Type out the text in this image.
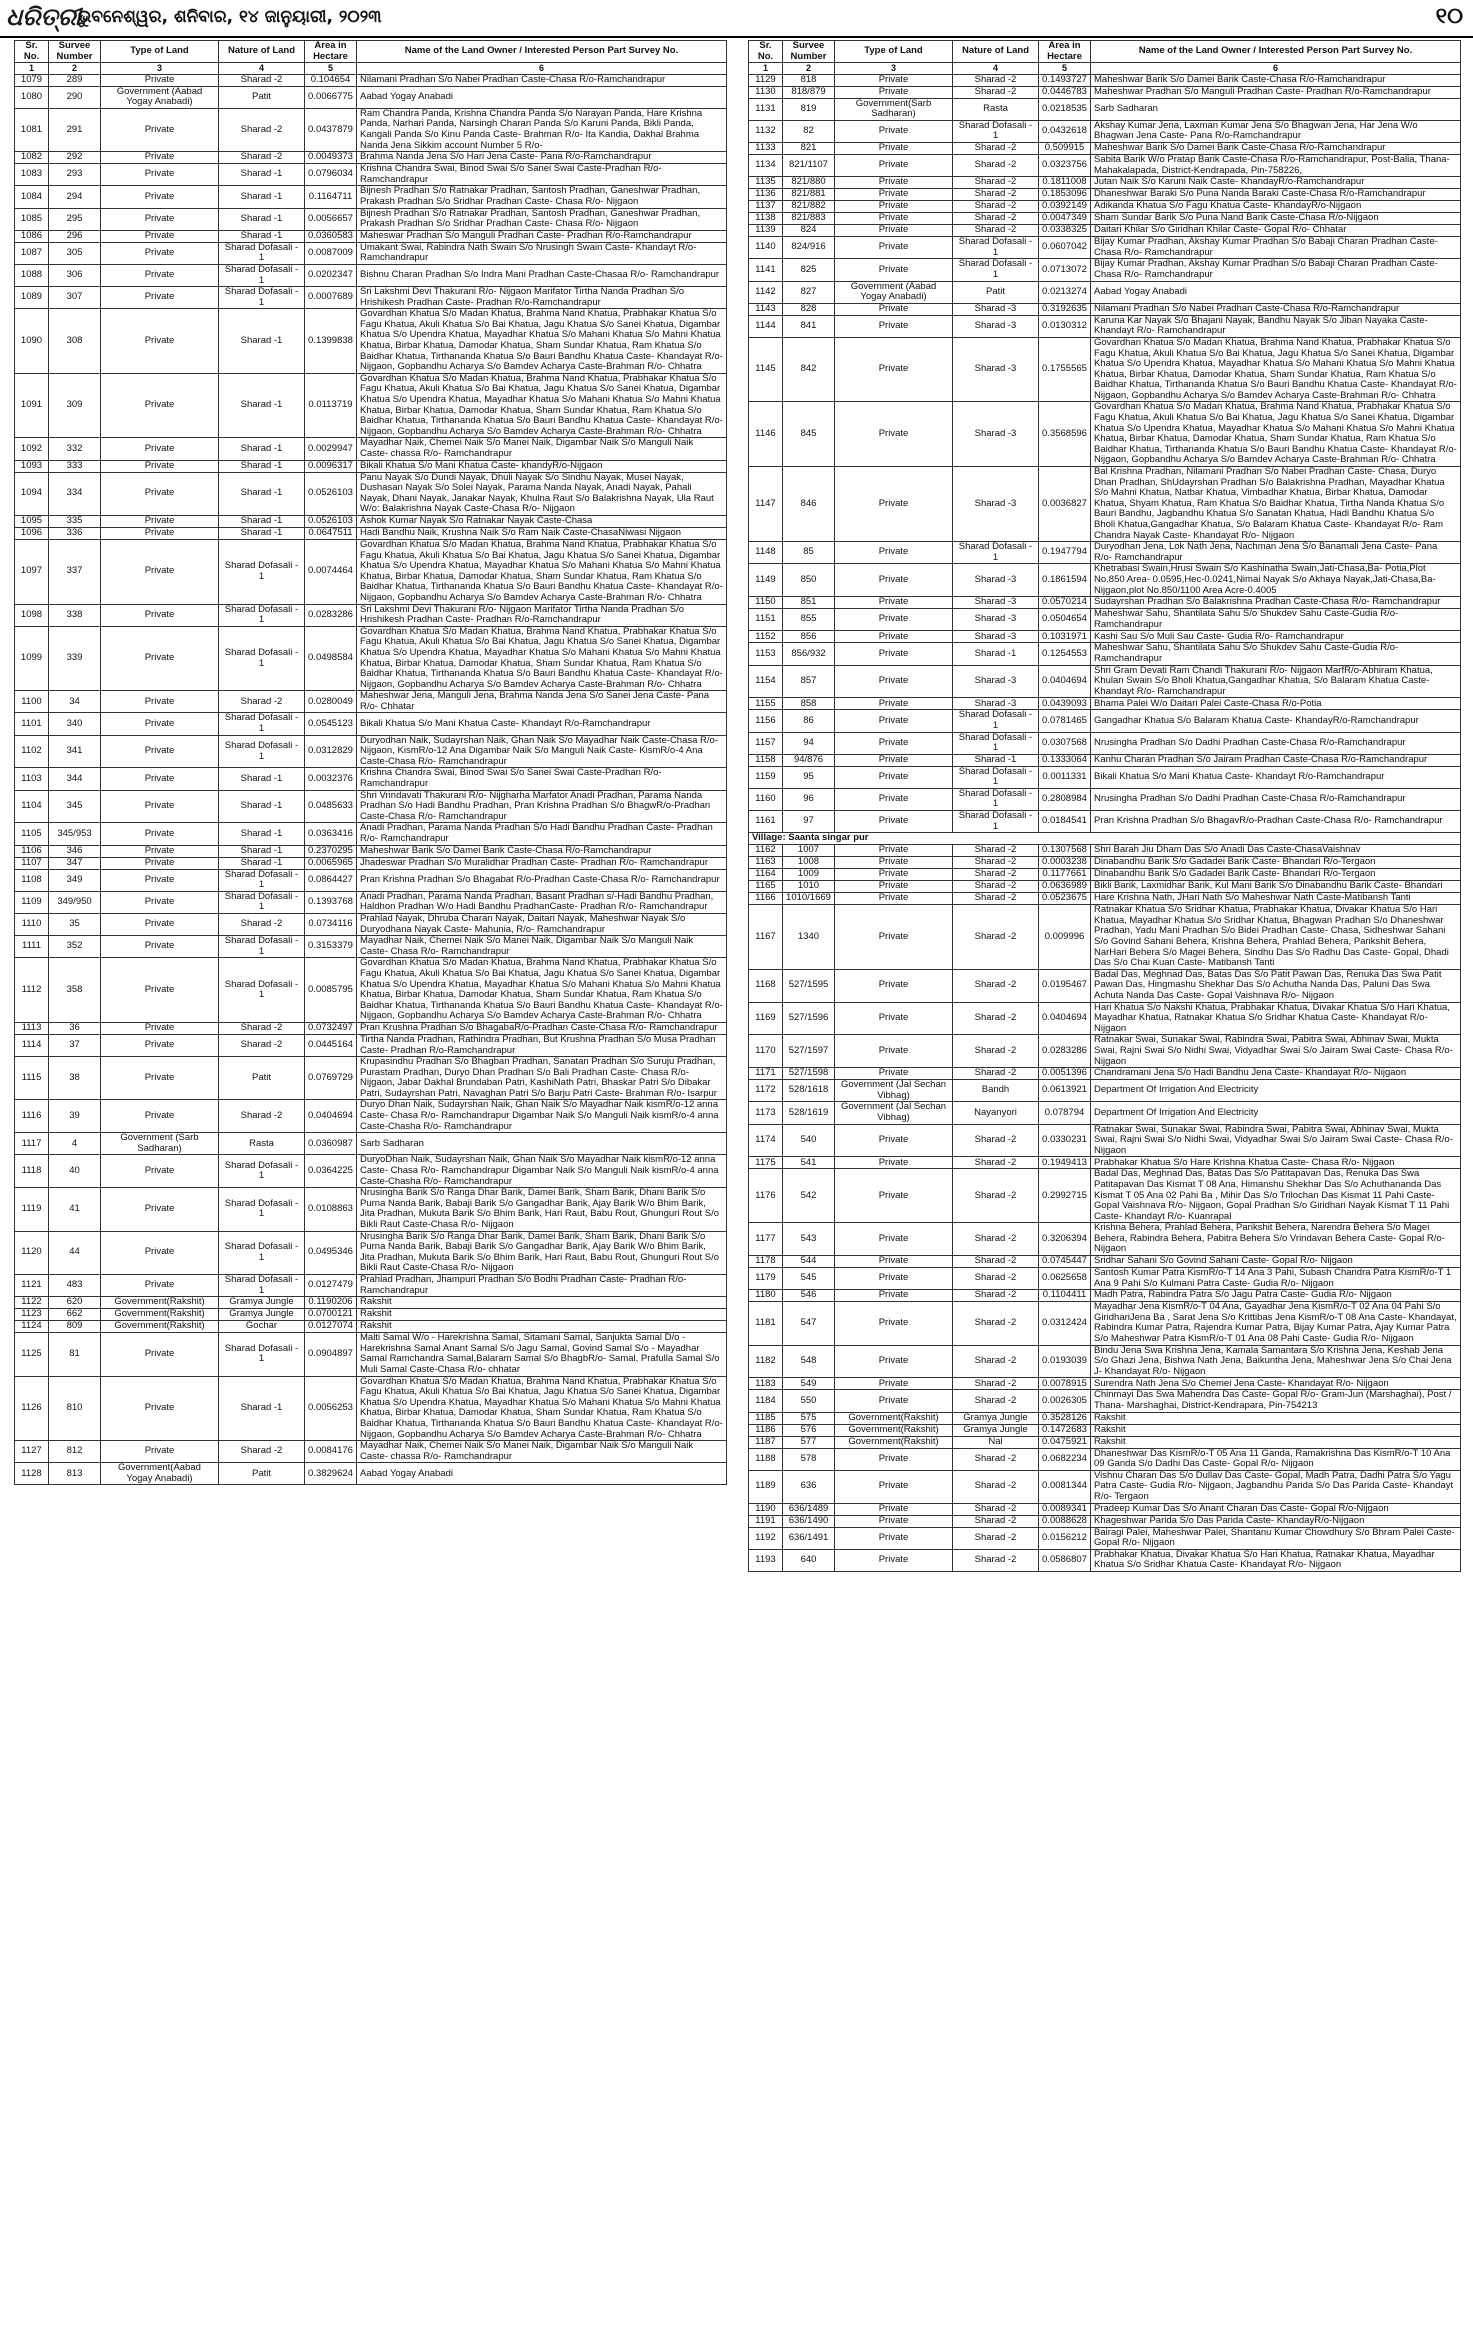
ଧରିତ୍ରୀ
ଭୁବନେଶ୍ୱର, ଶନିବାର, ୧୪ ଜାନୁୟାରୀ, ୨୦୨୩	୧୦
Sr. No.	Survee Number	Type of Land	Nature of Land	Area in Hectare	Name of the Land Owner / Interested Person Part Survey No.
1	2	3	4	5	6
1079	289	Private	Sharad -2	0.104654	Nilamani Pradhan S/o Nabei Pradhan Caste-Chasa R/o-Ramchandrapur
1080	290	Government (Aabad Yogay Anabadi)	Patit	0.0066775	Aabad Yogay Anabadi
1081	291	Private	Sharad -2	0.0437879	Ram Chandra Panda, Krishna Chandra Panda S/o Narayan Panda, Hare Krishna Panda, Narhari Panda, Narsingh Charan Panda S/o Karuni Panda, Bikli Panda, Kangali Panda S/o Kinu Panda Caste- Brahman R/o- Ita Kandia, Dakhal Brahma Nanda Jena Sikkim account Number 5 R/o-
1082	292	Private	Sharad -2	0.0049373	Brahma Nanda Jena S/o Hari Jena Caste- Pana R/o-Ramchandrapur
1083	293	Private	Sharad -1	0.0796034	Krishna Chandra Swai, Binod Swai S/o Sanei Swai Caste-Pradhan R/o- Ramchandrapur
1084	294	Private	Sharad -1	0.1164711	Bijnesh Pradhan S/o Ratnakar Pradhan, Santosh Pradhan, Ganeshwar Pradhan, Prakash Pradhan S/o Sridhar Pradhan Caste- Chasa R/o- Nijgaon
1085	295	Private	Sharad -1	0.0056657	Bijnesh Pradhan S/o Ratnakar Pradhan, Santosh Pradhan, Ganeshwar Pradhan, Prakash Pradhan S/o Sridhar Pradhan Caste- Chasa R/o- Nijgaon
1086	296	Private	Sharad -1	0.0360583	Maheswar Pradhan S/o Manguli Pradhan Caste- Pradhan R/o-Ramchandrapur
1087	305	Private	Sharad Dofasali - 1	0.0087009	Umakant Swai, Rabindra Nath Swain S/o Nrusingh Swain Caste- Khandayt R/o- Ramchandrapur
1088	306	Private	Sharad Dofasali - 1	0.0202347	Bishnu Charan Pradhan S/o Indra Mani Pradhan Caste-Chasaa R/o- Ramchandrapur
1089	307	Private	Sharad Dofasali - 1	0.0007689	Sri Lakshmi Devi Thakurani R/o- Nijgaon Marifator Tirtha Nanda Pradhan S/o Hrishikesh Pradhan Caste- Pradhan R/o-Ramchandrapur
1090	308	Private	Sharad -1	0.1399838	Govardhan Khatua S/o Madan Khatua, Brahma Nand Khatua, Prabhakar Khatua S/o Fagu Khatua, Akuli Khatua S/o Bai Khatua, Jagu Khatua S/o Sanei Khatua, Digambar Khatua S/o Upendra Khatua, Mayadhar Khatua S/o Mahani Khatua S/o Mahni Khatua Khatua, Birbar Khatua, Damodar Khatua, Sham Sundar Khatua, Ram Khatua S/o Baidhar Khatua, Tirthananda Khatua S/o Bauri Bandhu Khatua Caste- Khandayat R/o-Nijgaon, Gopbandhu Acharya S/o Bamdev Acharya Caste-Brahman R/o- Chhatra
1091	309	Private	Sharad -1	0.0113719	Govardhan Khatua S/o Madan Khatua, Brahma Nand Khatua, Prabhakar Khatua S/o Fagu Khatua, Akuli Khatua S/o Bai Khatua, Jagu Khatua S/o Sanei Khatua, Digambar Khatua S/o Upendra Khatua, Mayadhar Khatua S/o Mahani Khatua S/o Mahni Khatua Khatua, Birbar Khatua, Damodar Khatua, Sham Sundar Khatua, Ram Khatua S/o Baidhar Khatua, Tirthananda Khatua S/o Bauri Bandhu Khatua Caste- Khandayat R/o-Nijgaon, Gopbandhu Acharya S/o Bamdev Acharya Caste-Brahman R/o- Chhatra
1092	332	Private	Sharad -1	0.0029947	Mayadhar Naik, Chemei Naik S/o Manei Naik, Digambar Naik S/o Manguli Naik Caste- chassa R/o- Ramchandrapur
1093	333	Private	Sharad -1	0.0096317	Bikali Khatua S/o Mani Khatua Caste- khandyR/o-Nijgaon
1094	334	Private	Sharad -1	0.0526103	Panu Nayak S/o Dundi Nayak, Dhuli Nayak S/o Sindhu Nayak, Musei Nayak, Dushasan Nayak S/o Solei Nayak, Parama Nanda Nayak, Anadi Nayak, Pahali Nayak, Dhani Nayak, Janakar Nayak, Khulna Raut S/o Balakrishna Nayak, Ula Raut W/o: Balakrishna Nayak Caste-Chasa R/o- Nijgaon
1095	335	Private	Sharad -1	0.0526103	Ashok Kumar Nayak S/o Ratnakar Nayak Caste-Chasa
1096	336	Private	Sharad -1	0.0647511	Hadi Bandhu Naik, Krushna Naik S/o Ram Naik Caste-ChasaNiwasi Nijgaon
1097	337	Private	Sharad Dofasali - 1	0.0074464	Govardhan Khatua S/o Madan Khatua, Brahma Nand Khatua, Prabhakar Khatua S/o Fagu Khatua, Akuli Khatua S/o Bai Khatua, Jagu Khatua S/o Sanei Khatua, Digambar Khatua S/o Upendra Khatua, Mayadhar Khatua S/o Mahani Khatua S/o Mahni Khatua Khatua, Birbar Khatua, Damodar Khatua, Sham Sundar Khatua, Ram Khatua S/o Baidhar Khatua, Tirthananda Khatua S/o Bauri Bandhu Khatua Caste- Khandayat R/o-Nijgaon, Gopbandhu Acharya S/o Bamdev Acharya Caste-Brahman R/o- Chhatra
1098	338	Private	Sharad Dofasali - 1	0.0283286	Sri Lakshmi Devi Thakurani R/o- Nijgaon Marifator Tirtha Nanda Pradhan S/o Hrishikesh Pradhan Caste- Pradhan R/o-Ramchandrapur
1099	339	Private	Sharad Dofasali - 1	0.0498584	Govardhan Khatua S/o Madan Khatua, Brahma Nand Khatua, Prabhakar Khatua S/o Fagu Khatua, Akuli Khatua S/o Bai Khatua, Jagu Khatua S/o Sanei Khatua, Digambar Khatua S/o Upendra Khatua, Mayadhar Khatua S/o Mahani Khatua S/o Mahni Khatua Khatua, Birbar Khatua, Damodar Khatua, Sham Sundar Khatua, Ram Khatua S/o Baidhar Khatua, Tirthananda Khatua S/o Bauri Bandhu Khatua Caste- Khandayat R/o-Nijgaon, Gopbandhu Acharya S/o Bamdev Acharya Caste-Brahman R/o- Chhatra
1100	34	Private	Sharad -2	0.0280049	Maheshwar Jena, Manguli Jena, Brahma Nanda Jena S/o Sanei Jena Caste- Pana R/o- Chhatar
1101	340	Private	Sharad Dofasali - 1	0.0545123	Bikali Khatua S/o Mani Khatua Caste- Khandayt R/o-Ramchandrapur
1102	341	Private	Sharad Dofasali - 1	0.0312829	Duryodhan Naik, Sudayrshan Naik, Ghan Naik S/o Mayadhar Naik Caste-Chasa R/o- Nijgaon, KismR/o-12 Ana Digambar Naik S/o Manguli Naik Caste- KismR/o-4 Ana Caste-Chasa R/o- Ramchandrapur
1103	344	Private	Sharad -1	0.0032376	Krishna Chandra Swai, Binod Swai S/o Sanei Swai Caste-Pradhan R/o- Ramchandrapur
1104	345	Private	Sharad -1	0.0485633	Shri Vrindavati Thakurani R/o- Nijgharha Marfator Anadi Pradhan, Parama Nanda Pradhan S/o Hadi Bandhu Pradhan, Pran Krishna Pradhan S/o BhagwR/o-Pradhan Caste-Chasa R/o- Ramchandrapur
1105	345/953	Private	Sharad -1	0.0363416	Anadi Pradhan, Parama Nanda Pradhan S/o Hadi Bandhu Pradhan Caste- Pradhan R/o- Ramchandrapur
1106	346	Private	Sharad -1	0.2370295	Maheshwar Barik S/o Damei Barik Caste-Chasa R/o-Ramchandrapur
1107	347	Private	Sharad -1	0.0065965	Jhadeswar Pradhan S/o Muralidhar Pradhan Caste- Pradhan R/o- Ramchandrapur
1108	349	Private	Sharad Dofasali - 1	0.0864427	Pran Krishna Pradhan S/o Bhagabat R/o-Pradhan Caste-Chasa R/o- Ramchandrapur
1109	349/950	Private	Sharad Dofasali - 1	0.1393768	Anadi Pradhan, Parama Nanda Pradhan, Basant Pradhan s/-Hadi Bandhu Pradhan, Haldhon Pradhan W/o Hadi Bandhu PradhanCaste- Pradhan R/o- Ramchandrapur
1110	35	Private	Sharad -2	0.0734116	Prahlad Nayak, Dhruba Charan Nayak, Daitari Nayak, Maheshwar Nayak S/o Duryodhana Nayak Caste- Mahunia, R/o- Ramchandrapur
1111	352	Private	Sharad Dofasali - 1	0.3153379	Mayadhar Naik, Chemei Naik S/o Manei Naik, Digambar Naik S/o Manguli Naik Caste- Chasa R/o- Ramchandrapur
1112	358	Private	Sharad Dofasali - 1	0.0085795	Govardhan Khatua S/o Madan Khatua, Brahma Nand Khatua, Prabhakar Khatua S/o Fagu Khatua, Akuli Khatua S/o Bai Khatua, Jagu Khatua S/o Sanei Khatua, Digambar Khatua S/o Upendra Khatua, Mayadhar Khatua S/o Mahani Khatua S/o Mahni Khatua Khatua, Birbar Khatua, Damodar Khatua, Sham Sundar Khatua, Ram Khatua S/o Baidhar Khatua, Tirthananda Khatua S/o Bauri Bandhu Khatua Caste- Khandayat R/o-Nijgaon, Gopbandhu Acharya S/o Bamdev Acharya Caste-Brahman R/o- Chhatra
1113	36	Private	Sharad -2	0.0732497	Pran Krushna Pradhan S/o BhagabaR/o-Pradhan Caste-Chasa R/o- Ramchandrapur
1114	37	Private	Sharad -2	0.0445164	Tirtha Nanda Pradhan, Rathindra Pradhan, But Krushna Pradhan S/o Musa Pradhan Caste- Pradhan R/o-Ramchandrapur
1115	38	Private	Patit	0.0769729	Krupasindhu Pradhan S/o Bhagban Pradhan, Sanatan Pradhan S/o Suruju Pradhan, Purastam Pradhan, Duryo Dhan Pradhan S/o Bali Pradhan Caste- Chasa R/o- Nijgaon, Jabar Dakhal Brundaban Patri, KashiNath Patri, Bhaskar Patri S/o Dibakar Patri, Sudayrshan Patri, Navaghan Patri S/o Barju Patri Caste- Brahman R/o- Isarpur
1116	39	Private	Sharad -2	0.0404694	Duryo Dhan Naik, Sudayrshan Naik, Ghan Naik S/o Mayadhar Naik kismR/o-12 anna Caste- Chasa R/o- Ramchandrapur Digambar Naik S/o Manguli Naik kismR/o-4 anna Caste-Chasha R/o- Ramchandrapur
1117	4	Government (Sarb Sadharan)	Rasta	0.0360987	Sarb Sadharan
1118	40	Private	Sharad Dofasali - 1	0.0364225	DuryoDhan Naik, Sudayrshan Naik, Ghan Naik S/o Mayadhar Naik kismR/o-12 anna Caste- Chasa R/o- Ramchandrapur Digambar Naik S/o Manguli Naik kismR/o-4 anna Caste-Chasha R/o- Ramchandrapur
1119	41	Private	Sharad Dofasali - 1	0.0108863	Nrusingha Barik S/o Ranga Dhar Barik, Damei Barik, Sham Barik, Dhani Barik S/o Purna Nanda Barik, Babaji Barik S/o Gangadhar Barik, Ajay Barik W/o Bhim Barik, Jita Pradhan, Mukuta Barik S/o Bhim Barik, Hari Raut, Babu Rout, Ghunguri Rout S/o Bikli Raut Caste-Chasa R/o- Nijgaon
1120	44	Private	Sharad Dofasali - 1	0.0495346	Nrusingha Barik S/o Ranga Dhar Barik, Damei Barik, Sham Barik, Dhani Barik S/o Purna Nanda Barik, Babaji Barik S/o Gangadhar Barik, Ajay Barik W/o Bhim Barik, Jita Pradhan, Mukuta Barik S/o Bhim Barik, Hari Raut, Babu Rout, Ghunguri Rout S/o Bikli Raut Caste-Chasa R/o- Nijgaon
1121	483	Private	Sharad Dofasali - 1	0.0127479	Prahlad Pradhan, Jhampuri Pradhan S/o Bodhi Pradhan Caste- Pradhan R/o- Ramchandrapur
1122	620	Government(Rakshit)	Gramya Jungle	0.1190206	Rakshit
1123	662	Government(Rakshit)	Gramya Jungle	0.0700121	Rakshit
1124	809	Government(Rakshit)	Gochar	0.0127074	Rakshit
1125	81	Private	Sharad Dofasali - 1	0.0904897	Malti Samal W/o - Harekrishna Samal, Sitamani Samal, Sanjukta Samal D/o - Harekrishna Samal Anant Samal S/o Jagu Samal, Govind Samal S/o - Mayadhar Samal Ramchandra Samal,Balaram Samal S/o BhagbR/o- Samal, Prafulla Samal S/o Muli Samal Caste-Chasa R/o- chhatar
1126	810	Private	Sharad -1	0.0056253	Govardhan Khatua S/o Madan Khatua, Brahma Nand Khatua, Prabhakar Khatua S/o Fagu Khatua, Akuli Khatua S/o Bai Khatua, Jagu Khatua S/o Sanei Khatua, Digambar Khatua S/o Upendra Khatua, Mayadhar Khatua S/o Mahani Khatua S/o Mahni Khatua Khatua, Birbar Khatua, Damodar Khatua, Sham Sundar Khatua, Ram Khatua S/o Baidhar Khatua, Tirthananda Khatua S/o Bauri Bandhu Khatua Caste- Khandayat R/o-Nijgaon, Gopbandhu Acharya S/o Bamdev Acharya Caste-Brahman R/o- Chhatra
1127	812	Private	Sharad -2	0.0084176	Mayadhar Naik, Chemei Naik S/o Manei Naik, Digambar Naik S/o Manguli Naik Caste- chassa R/o- Ramchandrapur
1128	813	Government(Aabad Yogay Anabadi)	Patit	0.3829624	Aabad Yogay Anabadi
Sr. No.	Survee Number	Type of Land	Nature of Land	Area in Hectare	Name of the Land Owner / Interested Person Part Survey No.
1	2	3	4	5	6
1129	818	Private	Sharad -2	0.1493727	Maheshwar Barik S/o Damei Barik Caste-Chasa R/o-Ramchandrapur
1130	818/879	Private	Sharad -2	0.0446783	Maheshwar Pradhan S/o Manguli Pradhan Caste- Pradhan R/o-Ramchandrapur
1131	819	Government(Sarb Sadharan)	Rasta	0.0218535	Sarb Sadharan
1132	82	Private	Sharad Dofasali - 1	0.0432618	Akshay Kumar Jena, Laxman Kumar Jena S/o Bhagwan Jena, Har Jena W/o Bhagwan Jena Caste- Pana R/o-Ramchandrapur
1133	821	Private	Sharad -2	0.509915	Maheshwar Barik S/o Damei Barik Caste-Chasa R/o-Ramchandrapur
1134	821/1107	Private	Sharad -2	0.0323756	Sabita Barik W/o Pratap Barik Caste-Chasa R/o-Ramchandrapur, Post-Balia, Thana-Mahakalapada, District-Kendrapada, Pin-758226,
1135	821/880	Private	Sharad -2	0.1811008	Jutan Naik S/o Karuni Naik Caste- KhandayR/o-Ramchandrapur
1136	821/881	Private	Sharad -2	0.1853096	Dhaneshwar Baraki S/o Puna Nanda Baraki Caste-Chasa R/o-Ramchandrapur
1137	821/882	Private	Sharad -2	0.0392149	Adikanda Khatua S/o Fagu Khatua Caste- KhandayR/o-Nijgaon
1138	821/883	Private	Sharad -2	0.0047349	Sham Sundar Barik S/o Puna Nand Barik Caste-Chasa R/o-Nijgaon
1139	824	Private	Sharad -2	0.0338325	Daitari Khilar S/o Giridhan Khilar Caste- Gopal R/o- Chhatar
1140	824/916	Private	Sharad Dofasali - 1	0.0607042	Bijay Kumar Pradhan, Akshay Kumar Pradhan S/o Babaji Charan Pradhan Caste-Chasa R/o- Ramchandrapur
1141	825	Private	Sharad Dofasali - 1	0.0713072	Bijay Kumar Pradhan, Akshay Kumar Pradhan S/o Babaji Charan Pradhan Caste-Chasa R/o- Ramchandrapur
1142	827	Government (Aabad Yogay Anabadi)	Patit	0.0213274	Aabad Yogay Anabadi
1143	828	Private	Sharad -3	0.3192635	Nilamani Pradhan S/o Nabei Pradhan Caste-Chasa R/o-Ramchandrapur
1144	841	Private	Sharad -3	0.0130312	Karuna Kar Nayak S/o Bhajani Nayak, Bandhu Nayak S/o Jiban Nayaka Caste- Khandayt R/o- Ramchandrapur
1145	842	Private	Sharad -3	0.1755565	Govardhan Khatua S/o Madan Khatua, Brahma Nand Khatua, Prabhakar Khatua S/o Fagu Khatua, Akuli Khatua S/o Bai Khatua, Jagu Khatua S/o Sanei Khatua, Digambar Khatua S/o Upendra Khatua, Mayadhar Khatua S/o Mahani Khatua S/o Mahni Khatua Khatua, Birbar Khatua, Damodar Khatua, Sham Sundar Khatua, Ram Khatua S/o Baidhar Khatua, Tirthananda Khatua S/o Bauri Bandhu Khatua Caste- Khandayat R/o-Nijgaon, Gopbandhu Acharya S/o Bamdev Acharya Caste-Brahman R/o- Chhatra
1146	845	Private	Sharad -3	0.3568596	Govardhan Khatua S/o Madan Khatua, Brahma Nand Khatua, Prabhakar Khatua S/o Fagu Khatua, Akuli Khatua S/o Bai Khatua, Jagu Khatua S/o Sanei Khatua, Digambar Khatua S/o Upendra Khatua, Mayadhar Khatua S/o Mahani Khatua S/o Mahni Khatua Khatua, Birbar Khatua, Damodar Khatua, Sham Sundar Khatua, Ram Khatua S/o Baidhar Khatua, Tirthananda Khatua S/o Bauri Bandhu Khatua Caste- Khandayat R/o-Nijgaon, Gopbandhu Acharya S/o Bamdev Acharya Caste-Brahman R/o- Chhatra
1147	846	Private	Sharad -3	0.0036827	Bal Krishna Pradhan, Nilamani Pradhan S/o Nabei Pradhan Caste- Chasa, Duryo Dhan Pradhan, ShUdayrshan Pradhan S/o Balakrishna Pradhan, Mayadhar Khatua S/o Mahni Khatua, Natbar Khatua, Vimbadhar Khatua, Birbar Khatua, Damodar Khatua, Shyam Khatua, Ram Khatua S/o Baidhar Khatua, Tirtha Nanda Khatua S/o Bauri Bandhu, Jagbandhu Khatua S/o Sanatan Khatua, Hadi Bandhu Khatua S/o Bholi Khatua,Gangadhar Khatua, S/o Balaram Khatua Caste- Khandayat R/o- Ram Chandra Nayak Caste- Khandayat R/o- Nijgaon
1148	85	Private	Sharad Dofasali - 1	0.1947794	Duryodhan Jena, Lok Nath Jena, Nachman Jena S/o Banamali Jena Caste- Pana R/o- Ramchandrapur
1149	850	Private	Sharad -3	0.1861594	Khetrabasi Swain,Hrusi Swain S/o Kashinatha Swain,Jati-Chasa,Ba- Potia,Plot No.850 Area- 0.0595,Hec-0.0241,Nimai Nayak S/o Akhaya Nayak,Jati-Chasa,Ba-Nijgaon,plot No.850/1100 Area Acre-0.4005
1150	851	Private	Sharad -3	0.0570214	Sudayrshan Pradhan S/o Balakrishna Pradhan Caste-Chasa R/o- Ramchandrapur
1151	855	Private	Sharad -3	0.0504654	Maheshwar Sahu, Shantilata Sahu S/o Shukdev Sahu Caste-Gudia R/o- Ramchandrapur
1152	856	Private	Sharad -3	0.1031971	Kashi Sau S/o Muli Sau Caste- Gudia R/o- Ramchandrapur
1153	856/932	Private	Sharad -1	0.1254553	Maheshwar Sahu, Shantilata Sahu S/o Shukdev Sahu Caste-Gudia R/o- Ramchandrapur
1154	857	Private	Sharad -3	0.0404694	Shri Gram Devati Ram Chandi Thakurani R/o- Nijgaon MarfR/o-Abhiram Khatua, Khulan Swain S/o Bholi Khatua,Gangadhar Khatua, S/o Balaram Khatua Caste- Khandayt R/o- Ramchandrapur
1155	858	Private	Sharad -3	0.0439093	Bhama Palei W/o Daitari Palei Caste-Chasa R/o-Potia
1156	86	Private	Sharad Dofasali - 1	0.0781465	Gangadhar Khatua S/o Balaram Khatua Caste- KhandayR/o-Ramchandrapur
1157	94	Private	Sharad Dofasali - 1	0.0307568	Nrusingha Pradhan S/o Dadhi Pradhan Caste-Chasa R/o-Ramchandrapur
1158	94/876	Private	Sharad -1	0.1333064	Kanhu Charan Pradhan S/o Jairam Pradhan Caste-Chasa R/o-Ramchandrapur
1159	95	Private	Sharad Dofasali - 1	0.0011331	Bikali Khatua S/o Mani Khatua Caste- Khandayt R/o-Ramchandrapur
1160	96	Private	Sharad Dofasali - 1	0.2808984	Nrusingha Pradhan S/o Dadhi Pradhan Caste-Chasa R/o-Ramchandrapur
1161	97	Private	Sharad Dofasali - 1	0.0184541	Pran Krishna Pradhan S/o BhagavR/o-Pradhan Caste-Chasa R/o- Ramchandrapur
Village: Saanta singar pur					
1162	1007	Private	Sharad -2	0.1307568	Shri Barah Jiu Dham Das S/o Anadi Das Caste-ChasaVaishnav
1163	1008	Private	Sharad -2	0.0003238	Dinabandhu Barik S/o Gadadei Barik Caste- Bhandari R/o-Tergaon
1164	1009	Private	Sharad -2	0.1177661	Dinabandhu Barik S/o Gadadei Barik Caste- Bhandari R/o-Tergaon
1165	1010	Private	Sharad -2	0.0636989	Bikli Barik, Laxmidhar Barik, Kul Mani Barik S/o Dinabandhu Barik Caste- Bhandari
1166	1010/1669	Private	Sharad -2	0.0523675	Hare Krishna Nath, JHari Nath S/o Maheshwar Nath Caste-Matibansh Tanti
1167	1340	Private	Sharad -2	0.009996	Ratnakar Khatua S/o Sridhar Khatua, Prabhakar Khatua, Divakar Khatua S/o Hari Khatua, Mayadhar Khatua S/o Sridhar Khatua, Bhagwan Pradhan S/o Dhaneshwar Pradhan, Yadu Mani Pradhan S/o Bidei Pradhan Caste- Chasa, Sidheshwar Sahani S/o Govind Sahani Behera, Krishna Behera, Prahlad Behera, Parikshit Behera, NarHari Behera S/o Magei Behera, Sindhu Das S/o Radhu Das Caste- Gopal, Dhadi Das S/o Chai Kuan Caste- Matibansh Tanti
1168	527/1595	Private	Sharad -2	0.0195467	Badal Das, Meghnad Das, Batas Das S/o Patit Pawan Das, Renuka Das Swa Patit Pawan Das, Hingmashu Shekhar Das S/o Achutha Nanda Das, Paluni Das Swa Achuta Nanda Das Caste- Gopal Vaishnava R/o- Nijgaon
1169	527/1596	Private	Sharad -2	0.0404694	Hari Khatua S/o Nakshi Khatua, Prabhakar Khatua, Divakar Khatua S/o Hari Khatua, Mayadhar Khatua, Ratnakar Khatua S/o Sridhar Khatua Caste- Khandayat R/o- Nijgaon
1170	527/1597	Private	Sharad -2	0.0283286	Ratnakar Swai, Sunakar Swai, Rabindra Swai, Pabitra Swai, Abhinav Swai, Mukta Swai, Rajni Swai S/o Nidhi Swai, Vidyadhar Swai S/o Jairam Swai Caste- Chasa R/o- Nijgaon
1171	527/1598	Private	Sharad -2	0.0051396	Chandramani Jena S/o Hadi Bandhu Jena Caste- Khandayat R/o- Nijgaon
1172	528/1618	Government (Jal Sechan Vibhag)	Bandh	0.0613921	Department Of Irrigation And Electricity
1173	528/1619	Government (Jal Sechan Vibhag)	Nayanyori	0.078794	Department Of Irrigation And Electricity
1174	540	Private	Sharad -2	0.0330231	Ratnakar Swai, Sunakar Swai, Rabindra Swai, Pabitra Swai, Abhinav Swai, Mukta Swai, Rajni Swai S/o Nidhi Swai, Vidyadhar Swai S/o Jairam Swai Caste- Chasa R/o- Nijgaon
1175	541	Private	Sharad -2	0.1949413	Prabhakar Khatua S/o Hare Krishna Khatua Caste- Chasa R/o- Nijgaon
1176	542	Private	Sharad -2	0.2992715	Badal Das, Meghnad Das, Batas Das S/o Patitapavan Das, Renuka Das Swa Patitapavan Das Kismat T 08 Ana, Himanshu Shekhar Das S/o Achuthananda Das Kismat T 05 Ana 02 Pahi Ba , Mihir Das S/o Trilochan Das Kismat 11 Pahi Caste- Gopal Vaishnava R/o- Nijgaon, Gopal Pradhan S/o Giridhari Nayak Kismat T 11 Pahi Caste- Khandayt R/o- Kuanrapal
1177	543	Private	Sharad -2	0.3206394	Krishna Behera, Prahlad Behera, Parikshit Behera, Narendra Behera S/o Magei Behera, Rabindra Behera, Pabitra Behera S/o Vrindavan Behera Caste- Gopal R/o- Nijgaon
1178	544	Private	Sharad -2	0.0745447	Sridhar Sahani S/o Govind Sahani Caste- Gopal R/o- Nijgaon
1179	545	Private	Sharad -2	0.0625658	Santosh Kumar Patra KismR/o-T 14 Ana 3 Pahi, Subash Chandra Patra KismR/o-T 1 Ana 9 Pahi S/o Kulmani Patra Caste- Gudia R/o- Nijgaon
1180	546	Private	Sharad -2	0.1104411	Madh Patra, Rabindra Patra S/o Jagu Patra Caste- Gudia R/o- Nijgaon
1181	547	Private	Sharad -2	0.0312424	Mayadhar Jena KismR/o-T 04 Ana, Gayadhar Jena KismR/o-T 02 Ana 04 Pahi S/o GiridhariJena Ba , Sarat Jena S/o Krittibas Jena KismR/o-T 08 Ana Caste- Khandayat, Rabindra Kumar Patra, Rajendra Kumar Patra, Bijay Kumar Patra, Ajay Kumar Patra S/o Maheshwar Patra KismR/o-T 01 Ana 08 Pahi Caste- Gudia R/o- Nijgaon
1182	548	Private	Sharad -2	0.0193039	Bindu Jena Swa Krishna Jena, Kamala Samantara S/o Krishna Jena, Keshab Jena S/o Ghazi Jena, Bishwa Nath Jena, Baikuntha Jena, Maheshwar Jena S/o Chai Jena J- Khandayat R/o- Nijgaon
1183	549	Private	Sharad -2	0.0078915	Surendra Nath Jena S/o Chemei Jena Caste- Khandayat R/o- Nijgaon
1184	550	Private	Sharad -2	0.0026305	Chinmayi Das Swa Mahendra Das Caste- Gopal R/o- Gram-Jun (Marshaghai), Post / Thana- Marshaghai, District-Kendrapara, Pin-754213
1185	575	Government(Rakshit)	Gramya Jungle	0.3528126	Rakshit
1186	576	Government(Rakshit)	Gramya Jungle	0.1472683	Rakshit
1187	577	Government(Rakshit)	Nal	0.0475921	Rakshit
1188	578	Private	Sharad -2	0.0682234	Dhaneshwar Das KismR/o-T 05 Ana 11 Ganda, Ramakrishna Das KismR/o-T 10 Ana 09 Ganda S/o Dadhi Das Caste- Gopal R/o- Nijgaon
1189	636	Private	Sharad -2	0.0081344	Vishnu Charan Das S/o Dullav Das Caste- Gopal, Madh Patra, Dadhi Patra S/o Yagu Patra Caste- Gudia R/o- Nijgaon, Jagbandhu Parida S/o Das Parida Caste- Khandayt R/o- Tergaon
1190	636/1489	Private	Sharad -2	0.0089341	Pradeep Kumar Das S/o Anant Charan Das Caste- Gopal R/o-Nijgaon
1191	636/1490	Private	Sharad -2	0.0088628	Khageshwar Parida S/o Das Parida Caste- KhandayR/o-Nijgaon
1192	636/1491	Private	Sharad -2	0.0156212	Bairagi Palei, Maheshwar Palei, Shantanu Kumar Chowdhury S/o Bhram Palei Caste- Gopal R/o- Nijgaon
1193	640	Private	Sharad -2	0.0586807	Prabhakar Khatua, Divakar Khatua S/o Hari Khatua, Ratnakar Khatua, Mayadhar Khatua S/o Sridhar Khatua Caste- Khandayat R/o- Nijgaon
